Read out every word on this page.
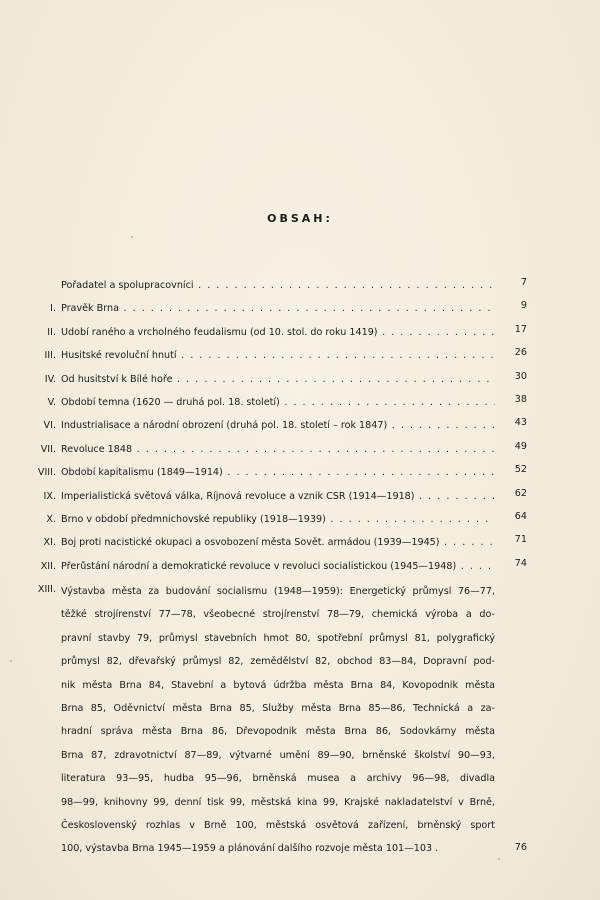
OBSAH:
Pořadatel a spolupracovníci . .	7
I. Pravěk Brna . .	9
II. Údobí raného a vrcholného feudalismu (od 10. stol. do roku 1419) . .	17
III. Husitské revoluční hnutí . .	26
IV. Od husitství k Bílé hoře . .	30
V. Období temna (1620 — druhá pol. 18. století) . .	38
VI. Industrialisace a národní obrození (druhá pol. 18. století – rok 1847) . .	43
VII. Revoluce 1848 . .	49
VIII. Období kapitalismu (1849—1914) . .	52
IX. Imperialistická světová válka, Říjnová revoluce a vznik ČSR (1914—1918) . .	62
X. Brno v období předmnichovské republiky (1918—1939) . .	64
XI. Boj proti nacistické okupaci a osvobození města Sovět. armádou (1939—1945) . .	71
XII. Přerůstání národní a demokratické revoluce v revoluci socialistickou (1945—1948) . .	74
XIII. Výstavba města za budování socialismu (1948—1959): Energetický průmysl 76—77,
těžké strojírenství 77—78, všeobecné strojírenství 78—79, chemická výroba a do-
pravní stavby 79, průmysl stavebních hmot 80, spotřební průmysl 81, polygrafický
průmysl 82, dřevařský průmysl 82, zemědělství 82, obchod 83—84, Dopravní pod-
nik města Brna 84, Stavební a bytová údržba města Brna 84, Kovopodnik města
Brna 85, Oděvnictví města Brna 85, Služby města Brna 85—86, Technická a za-
hradní správa města Brna 86, Dřevopodnik města Brna 86, Sodovkárny města
Brna 87, zdravotnictví 87—89, výtvarné umění 89—90, brněnské školství 90—93,
literatura 93—95, hudba 95—96, brněnská musea a archivy 96—98, divadla
98—99, knihovny 99, denní tisk 99, městská kina 99, Krajské nakladatelství v Brně,
Československý rozhlas v Brně 100, městská osvětová zařízení, brněnský sport
100, výstavba Brna 1945—1959 a plánování dalšího rozvoje města 101—103 .	76
